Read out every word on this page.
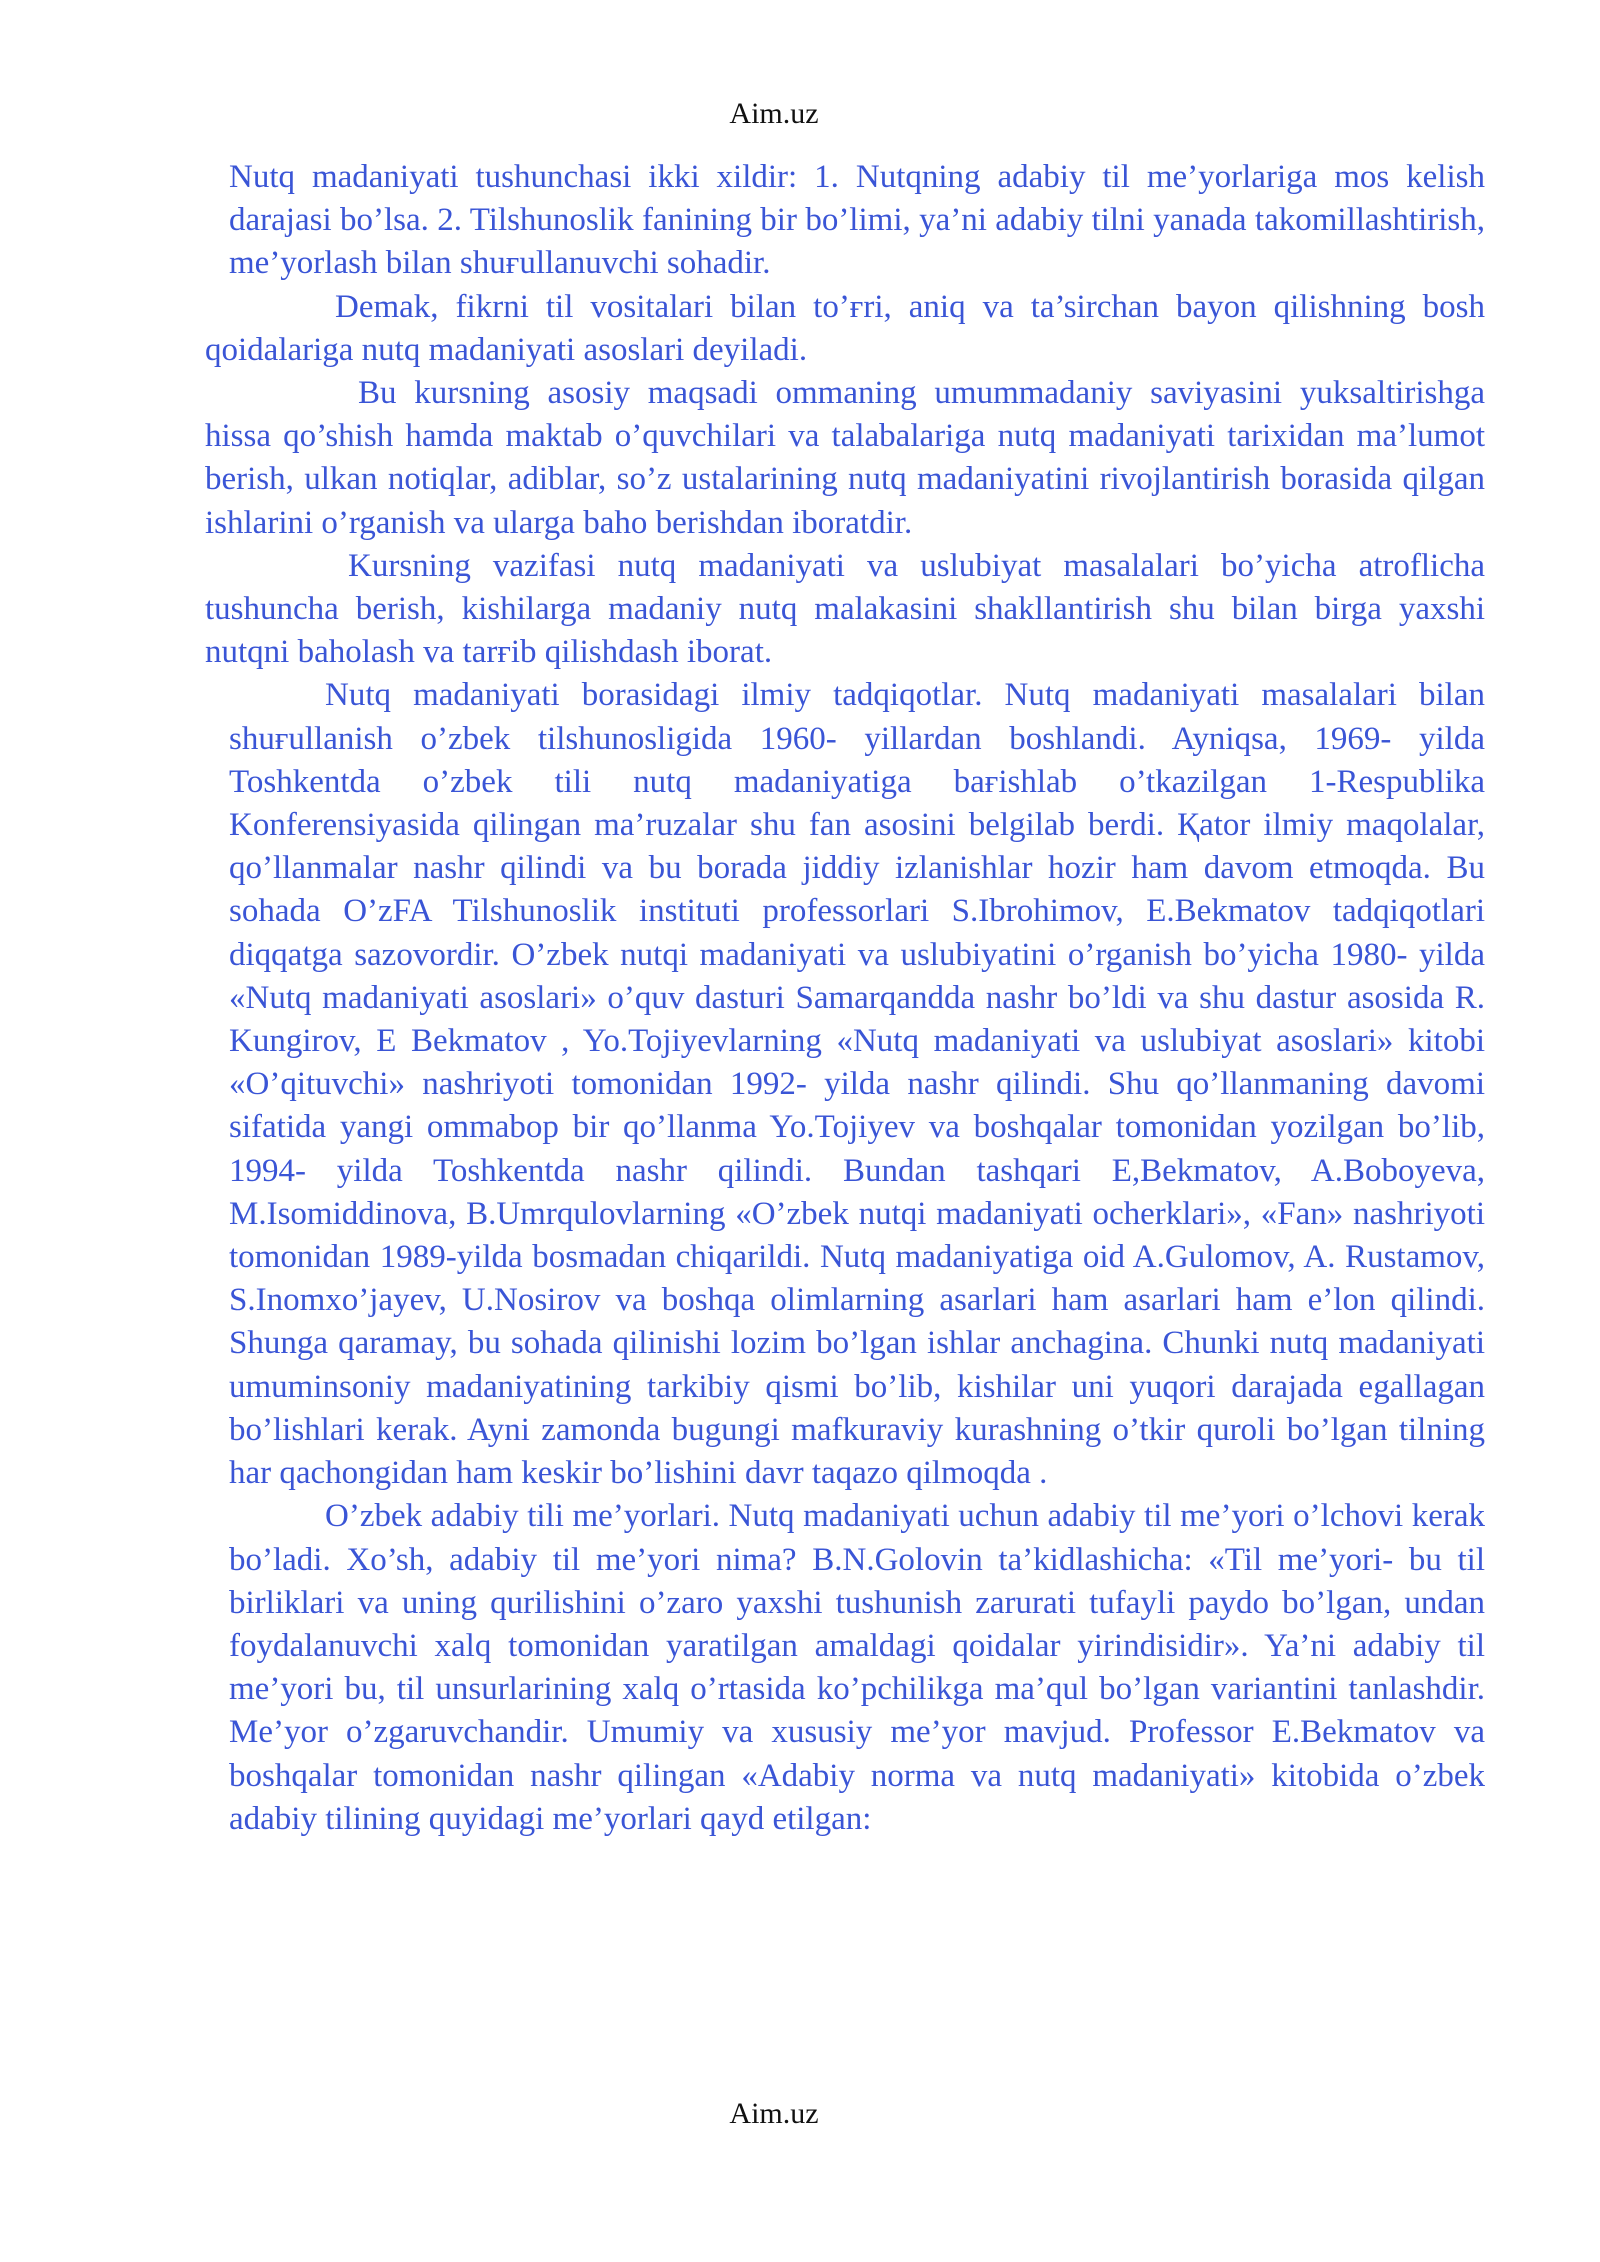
Aim.uz

Nutq madaniyati tushunchasi ikki xildir: 1. Nutqning adabiy til me’yorlariga mos kelish darajasi bo’lsa. 2. Tilshunoslik fanining bir bo’limi, ya’ni adabiy tilni yanada takomillashtirish, me’yorlash bilan shuғullanuvchi sohadir.

Demak, fikrni til vositalari bilan to’ғri, aniq va ta’sirchan bayon qilishning bosh qoidalariga nutq madaniyati asoslari deyiladi.

Bu kursning asosiy maqsadi ommaning umummadaniy saviyasini yuksaltirishga hissa qo’shish hamda maktab o’quvchilari va talabalariga nutq madaniyati tarixidan ma’lumot berish, ulkan notiqlar, adiblar, so’z ustalarining nutq madaniyatini rivojlantirish borasida qilgan ishlarini o’rganish va ularga baho berishdan iboratdir.

Kursning vazifasi nutq madaniyati va uslubiyat masalalari bo’yicha atroflicha tushuncha berish, kishilarga madaniy nutq malakasini shakllantirish shu bilan birga yaxshi nutqni baholash va tarғib qilishdash iborat.

Nutq madaniyati borasidagi ilmiy tadqiqotlar. Nutq madaniyati masalalari bilan shuғullanish o’zbek tilshunosligida 1960- yillardan boshlandi. Ayniqsa, 1969- yilda Toshkentda o’zbek tili nutq madaniyatiga baғishlab o’tkazilgan 1-Respublika Konferensiyasida qilingan ma’ruzalar shu fan asosini belgilab berdi. Қator ilmiy maqolalar, qo’llanmalar nashr qilindi va bu borada jiddiy izlanishlar hozir ham davom etmoqda. Bu sohada O’zFA Tilshunoslik instituti professorlari S.Ibrohimov, E.Bekmatov tadqiqotlari diqqatga sazovordir. O’zbek nutqi madaniyati va uslubiyatini o’rganish bo’yicha 1980- yilda «Nutq madaniyati asoslari» o’quv dasturi Samarqandda nashr bo’ldi va shu dastur asosida R. Kungirov, E Bekmatov , Yo.Tojiyevlarning «Nutq madaniyati va uslubiyat asoslari» kitobi «O’qituvchi» nashriyoti tomonidan 1992- yilda nashr qilindi. Shu qo’llanmaning davomi sifatida yangi ommabop bir qo’llanma Yo.Tojiyev va boshqalar tomonidan yozilgan bo’lib, 1994- yilda Toshkentda nashr qilindi. Bundan tashqari E,Bekmatov, A.Boboyeva, M.Isomiddinova, B.Umrqulovlarning «O’zbek nutqi madaniyati ocherklari», «Fan» nashriyoti tomonidan 1989-yilda bosmadan chiqarildi. Nutq madaniyatiga oid A.Gulomov, A. Rustamov, S.Inomxo’jayev, U.Nosirov va boshqa olimlarning asarlari ham asarlari ham e’lon qilindi. Shunga qaramay, bu sohada qilinishi lozim bo’lgan ishlar anchagina. Chunki nutq madaniyati umuminsoniy madaniyatining tarkibiy qismi bo’lib, kishilar uni yuqori darajada egallagan bo’lishlari kerak. Ayni zamonda bugungi mafkuraviy kurashning o’tkir quroli bo’lgan tilning har qachongidan ham keskir bo’lishini davr taqazo qilmoqda .

O’zbek adabiy tili me’yorlari. Nutq madaniyati uchun adabiy til me’yori o’lchovi kerak bo’ladi. Xo’sh, adabiy til me’yori nima? B.N.Golovin ta’kidlashicha: «Til me’yori- bu til birliklari va uning qurilishini o’zaro yaxshi tushunish zarurati tufayli paydo bo’lgan, undan foydalanuvchi xalq tomonidan yaratilgan amaldagi qoidalar yirindisidir». Ya’ni adabiy til me’yori bu, til unsurlarining xalq o’rtasida ko’pchilikga ma’qul bo’lgan variantini tanlashdir. Me’yor o’zgaruvchandir. Umumiy va xususiy me’yor mavjud. Professor E.Bekmatov va boshqalar tomonidan nashr qilingan «Adabiy norma va nutq madaniyati» kitobida o’zbek adabiy tilining quyidagi me’yorlari qayd etilgan:

Aim.uz
